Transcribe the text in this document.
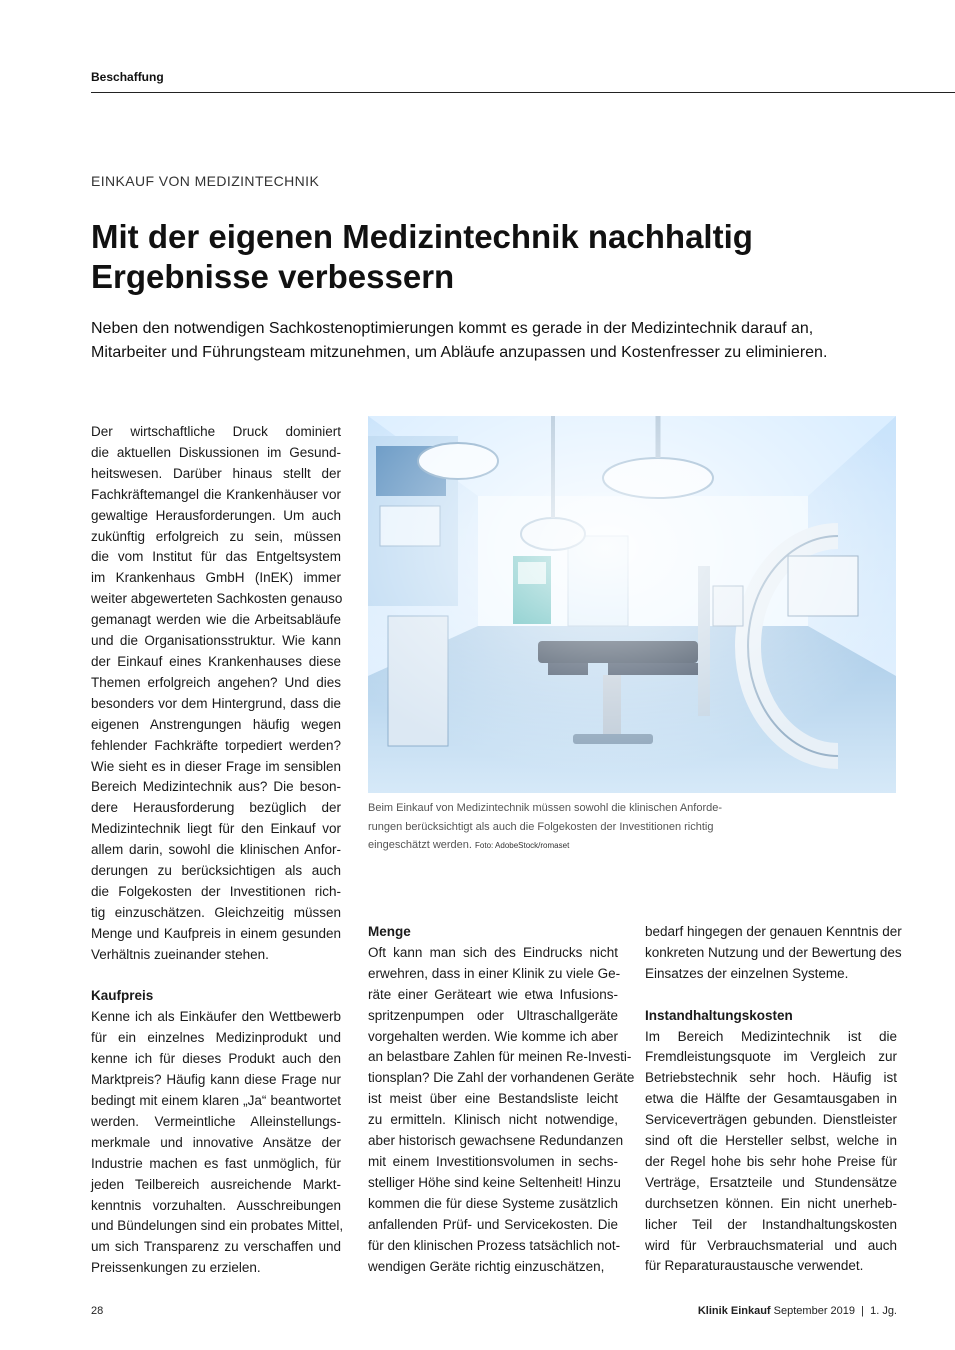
Beschaffung
EINKAUF VON MEDIZINTECHNIK
Mit der eigenen Medizintechnik nachhaltig
Ergebnisse verbessern

Neben den notwendigen Sachkostenoptimierungen kommt es gerade in der Medizintechnik darauf an,
Mitarbeiter und Führungsteam mitzunehmen, um Abläufe anzupassen und Kostenfresser zu eliminieren.

Der wirtschaftliche Druck dominiert
die aktuellen Diskussionen im Gesund-
heitswesen. Darüber hinaus stellt der
Fachkräftemangel die Krankenhäuser vor
gewaltige Herausforderungen. Um auch
zukünftig erfolgreich zu sein, müssen
die vom Institut für das Entgeltsystem
im Krankenhaus GmbH (InEK) immer
weiter abgewerteten Sachkosten genauso
gemanagt werden wie die Arbeitsabläufe
und die Organisationsstruktur. Wie kann
der Einkauf eines Krankenhauses diese
Themen erfolgreich angehen? Und dies
besonders vor dem Hintergrund, dass die
eigenen Anstrengungen häufig wegen
fehlender Fachkräfte torpediert werden?
Wie sieht es in dieser Frage im sensiblen
Bereich Medizintechnik aus? Die beson-
dere Herausforderung bezüglich der
Medizintechnik liegt für den Einkauf vor
allem darin, sowohl die klinischen Anfor-
derungen zu berücksichtigen als auch
die Folgekosten der Investitionen rich-
tig einzuschätzen. Gleichzeitig müssen
Menge und Kaufpreis in einem gesunden
Verhältnis zueinander stehen.

Kaufpreis

Kenne ich als Einkäufer den Wettbewerb
für ein einzelnes Medizinprodukt und
kenne ich für dieses Produkt auch den
Marktpreis? Häufig kann diese Frage nur
bedingt mit einem klaren „Ja“ beantwortet
werden. Vermeintliche Alleinstellungs-
merkmale und innovative Ansätze der
Industrie machen es fast unmöglich, für
jeden Teilbereich ausreichende Markt-
kenntnis vorzuhalten. Ausschreibungen
und Bündelungen sind ein probates Mittel,
um sich Transparenz zu verschaffen und
Preissenkungen zu erzielen.

Beim Einkauf von Medizintechnik müssen sowohl die klinischen Anforde-
rungen berücksichtigt als auch die Folgekosten der Investitionen richtig
eingeschätzt werden. Foto: AdobeStock/romaset
Menge

Oft kann man sich des Eindrucks nicht
erwehren, dass in einer Klinik zu viele Ge-
räte einer Geräteart wie etwa Infusions-
spritzenpumpen oder Ultraschallgeräte
vorgehalten werden. Wie komme ich aber
an belastbare Zahlen für meinen Re-Investi-
tionsplan? Die Zahl der vorhandenen Geräte
ist meist über eine Bestandsliste leicht
zu ermitteln. Klinisch nicht notwendige,
aber historisch gewachsene Redundanzen
mit einem Investitionsvolumen in sechs-
stelliger Höhe sind keine Seltenheit! Hinzu
kommen die für diese Systeme zusätzlich
anfallenden Prüf- und Servicekosten. Die
für den klinischen Prozess tatsächlich not-
wendigen Geräte richtig einzuschätzen,

bedarf hingegen der genauen Kenntnis der
konkreten Nutzung und der Bewertung des
Einsatzes der einzelnen Systeme.

Instandhaltungskosten

Im Bereich Medizintechnik ist die
Fremdleistungsquote im Vergleich zur
Betriebstechnik sehr hoch. Häufig ist
etwa die Hälfte der Gesamtausgaben in
Serviceverträgen gebunden. Dienstleister
sind oft die Hersteller selbst, welche in
der Regel hohe bis sehr hohe Preise für
Verträge, Ersatzteile und Stundensätze
durchsetzen können. Ein nicht unerheb-
licher Teil der Instandhaltungskosten
wird für Verbrauchsmaterial und auch
für Reparaturaustausche verwendet.

28	Klinik Einkauf September 2019  |  1. Jg.
